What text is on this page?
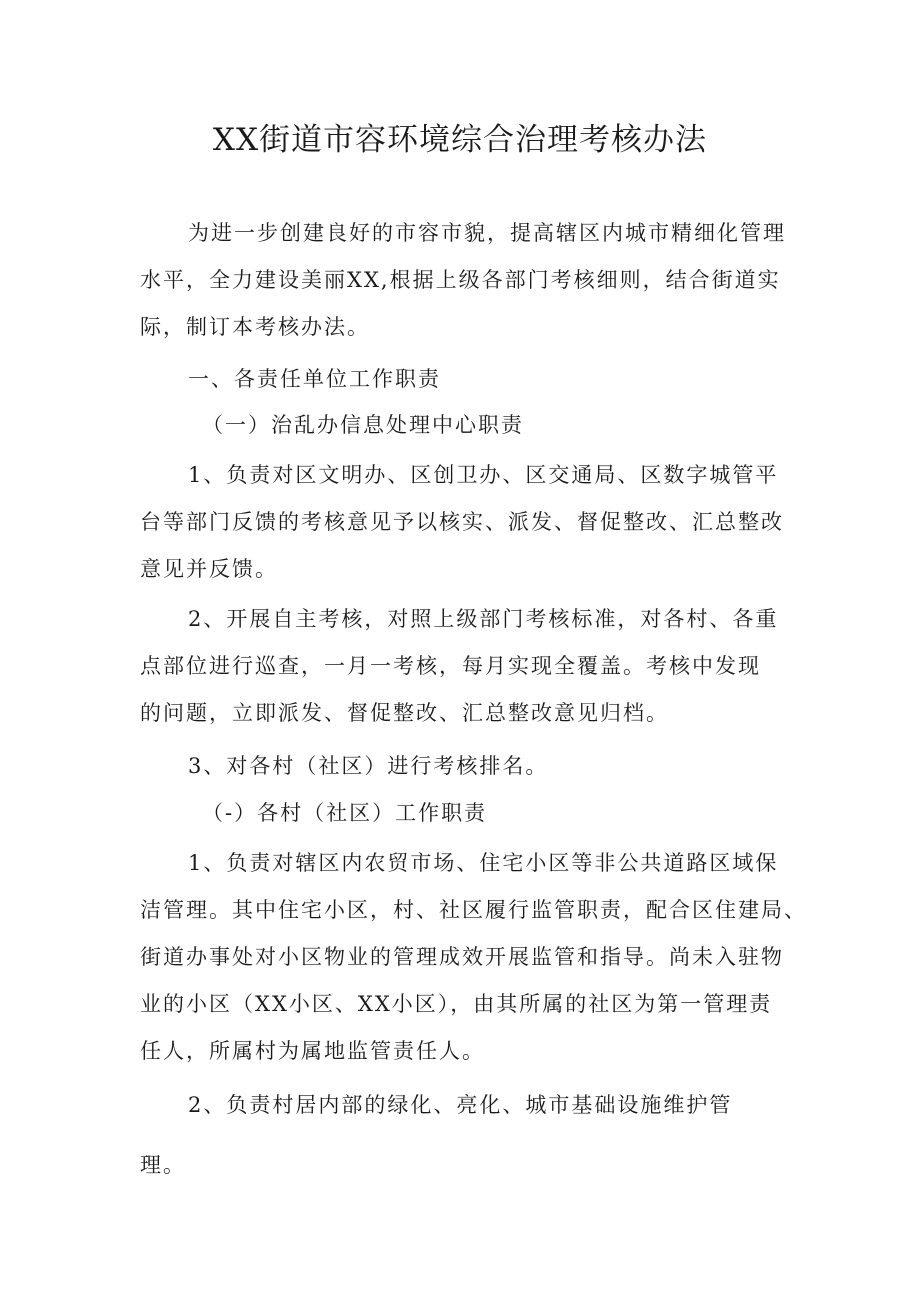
XX街道市容环境综合治理考核办法
为进一步创建良好的市容市貌，提高辖区内城市精细化管理
水平，全力建设美丽XX,根据上级各部门考核细则，结合街道实
际，制订本考核办法。
一、各责任单位工作职责
（一）治乱办信息处理中心职责
1、负责对区文明办、区创卫办、区交通局、区数字城管平
台等部门反馈的考核意见予以核实、派发、督促整改、汇总整改
意见并反馈。
2、开展自主考核，对照上级部门考核标准，对各村、各重
点部位进行巡查，一月一考核，每月实现全覆盖。考核中发现
的问题，立即派发、督促整改、汇总整改意见归档。
3、对各村（社区）进行考核排名。
（-）各村（社区）工作职责
1、负责对辖区内农贸市场、住宅小区等非公共道路区域保
洁管理。其中住宅小区，村、社区履行监管职责，配合区住建局、
街道办事处对小区物业的管理成效开展监管和指导。尚未入驻物
业的小区（XX小区、XX小区），由其所属的社区为第一管理责
任人，所属村为属地监管责任人。
2、负责村居内部的绿化、亮化、城市基础设施维护管
理。
